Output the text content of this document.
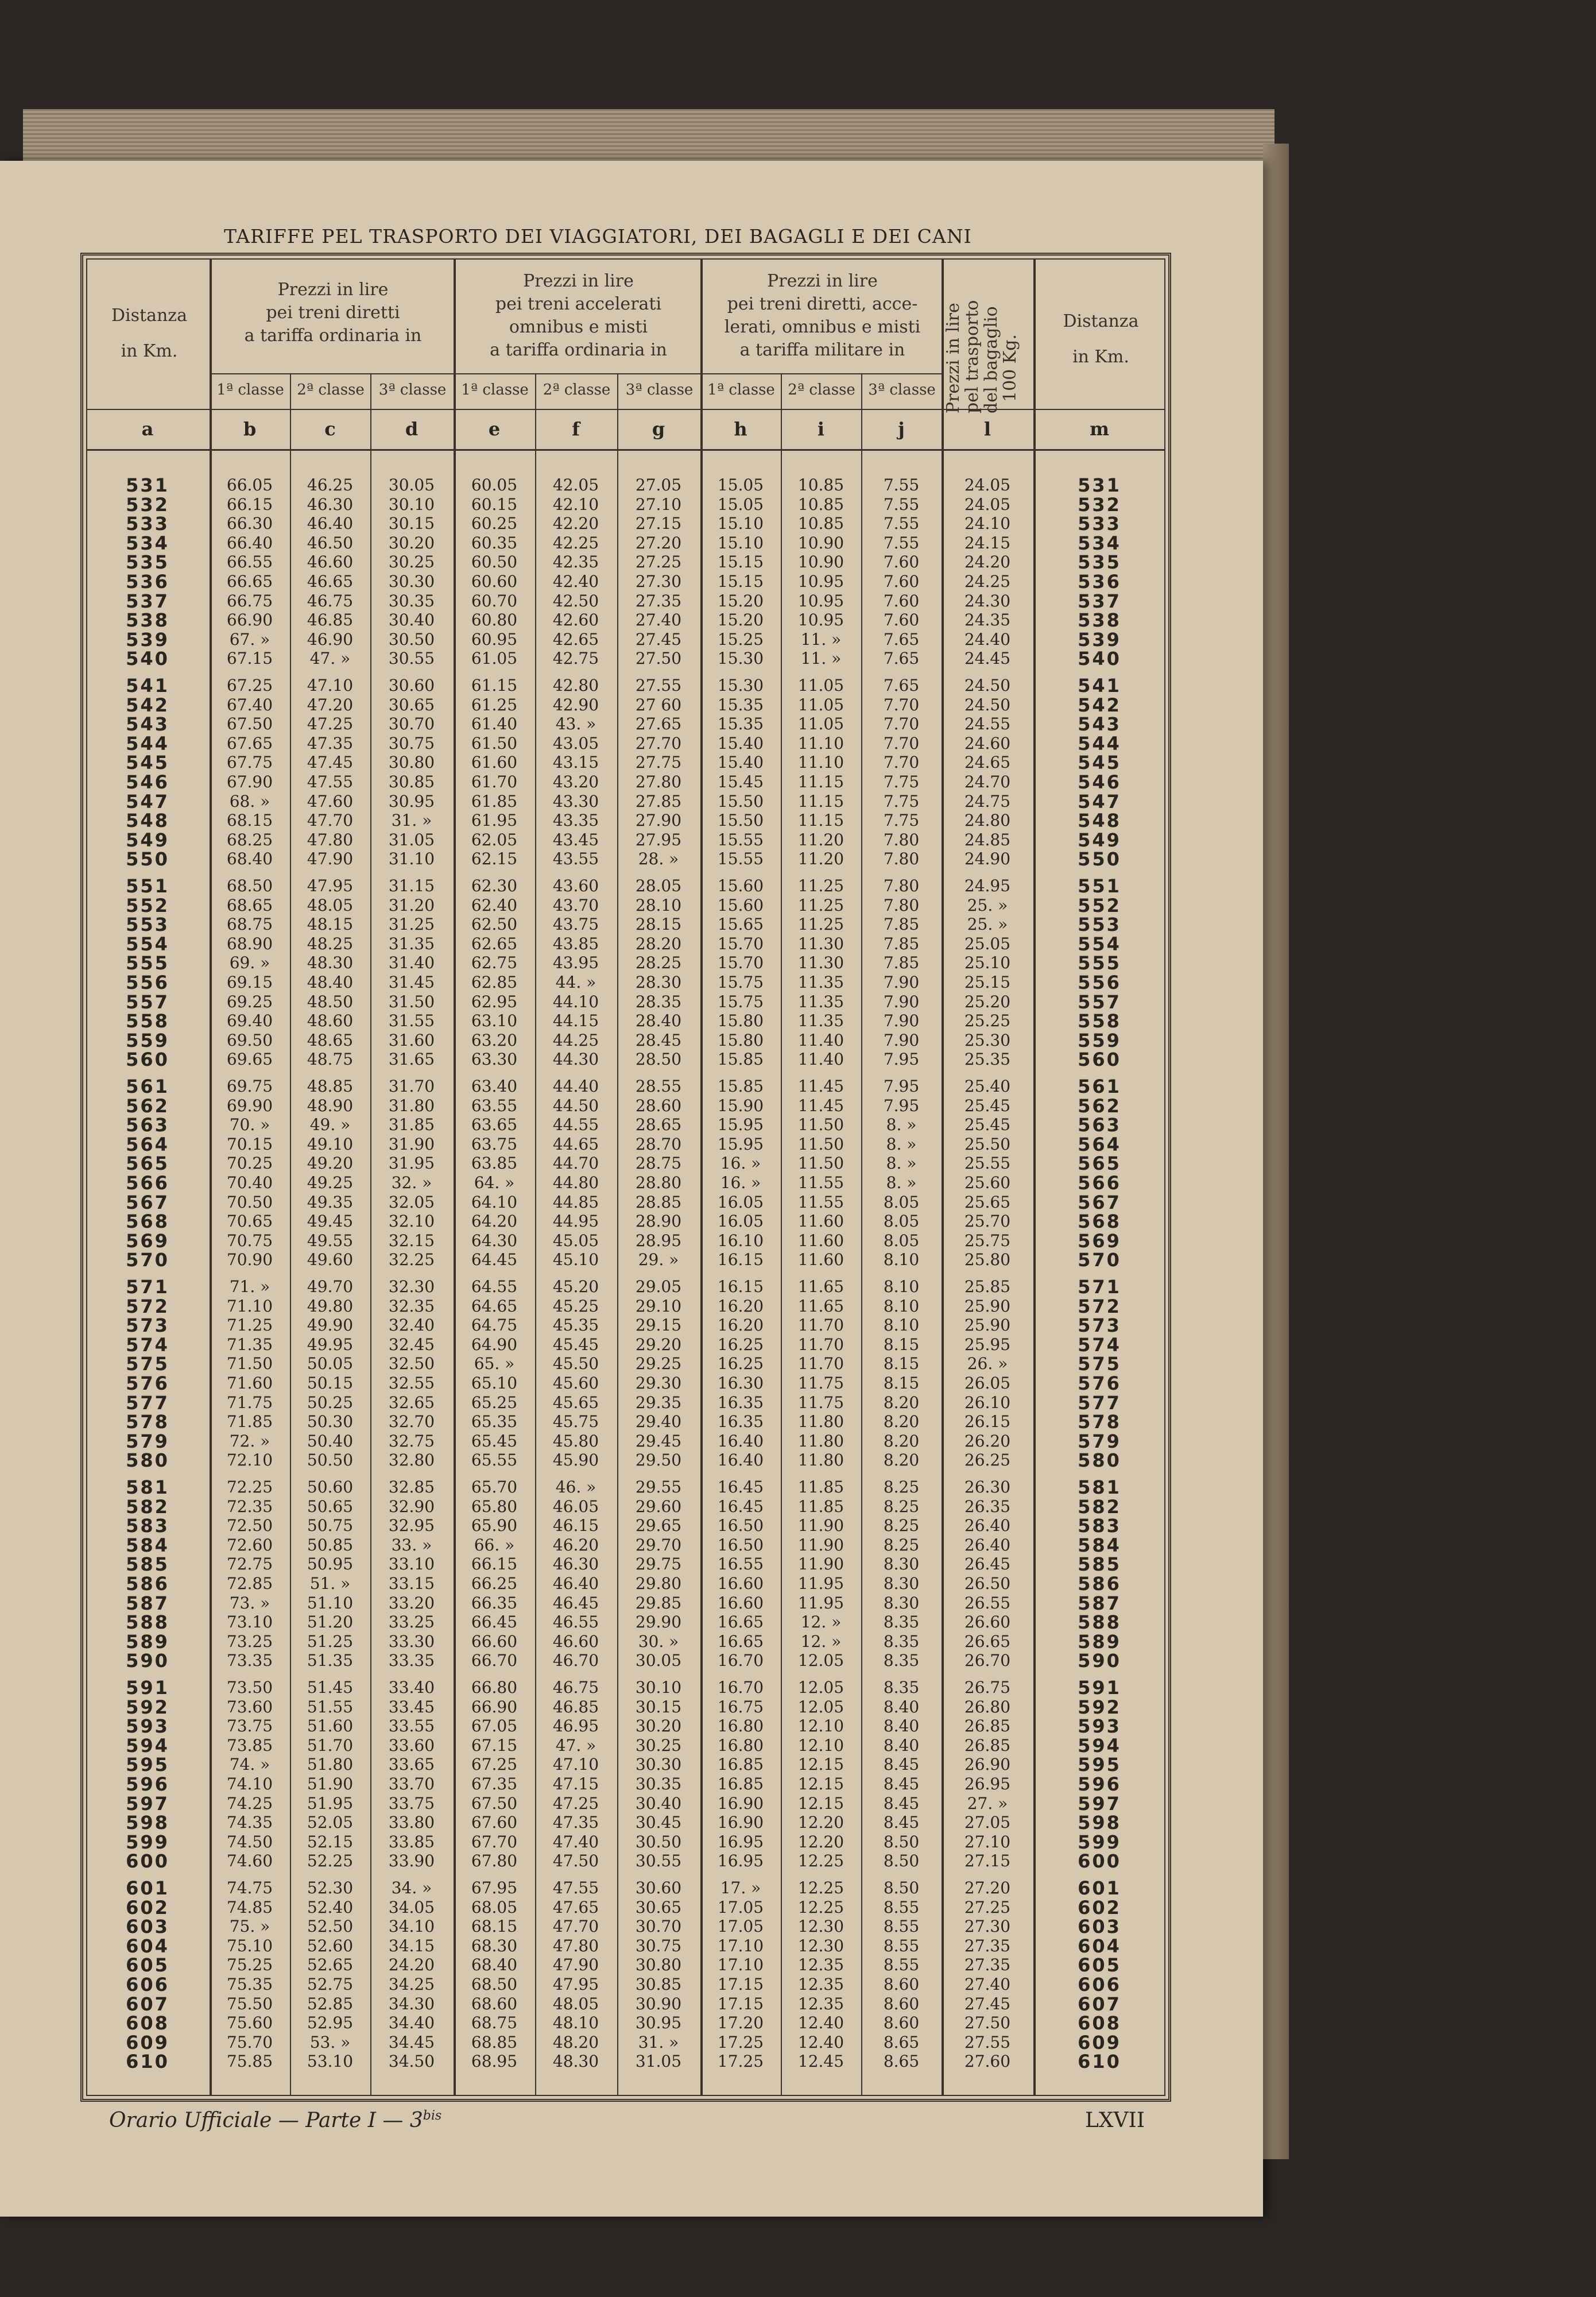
TARIFFE PEL TRASPORTO DEI VIAGGIATORI, DEI BAGAGLI E DEI CANI
Distanza
in Km.
Prezzi in lire
pei treni diretti
a tariffa ordinaria in
Prezzi in lire
pei treni accelerati
omnibus e misti
a tariffa ordinaria in
Prezzi in lire
pei treni diretti, acce-
lerati, omnibus e misti
a tariffa militare in	Prezzi in lire
pel trasporto
del bagaglio
100 Kg.
Distanza
in Km.
1ª classe 2ª classe 3ª classe 1ª classe 2ª classe	3ª classe 1ª classe 2ª classe 3ª classe
a	b	c	d	e	f	g	h	i	j	l	m
531	66.05	46.25	30.05	60.05	42.05	27.05	15.05	10.85	7.55	24.05	531
532	66.15	46.30	30.10	60.15	42.10	27.10	15.05	10.85	7.55	24.05	532
533	66.30	46.40	30.15	60.25	42.20	27.15	15.10	10.85	7.55	24.10	533
534	66.40	46.50	30.20	60.35	42.25	27.20	15.10	10.90	7.55	24.15	534
535	66.55	46.60	30.25	60.50	42.35	27.25	15.15	10.90	7.60	24.20	535
536	66.65	46.65	30.30	60.60	42.40	27.30	15.15	10.95	7.60	24.25	536
537	66.75	46.75	30.35	60.70	42.50	27.35	15.20	10.95	7.60	24.30	537
538	66.90	46.85	30.40	60.80	42.60	27.40	15.20	10.95	7.60	24.35	538
539	67. »	46.90	30.50	60.95	42.65	27.45	15.25	11. »	7.65	24.40	539
540	67.15	47. »	30.55	61.05	42.75	27.50	15.30	11. »	7.65	24.45	540
541	67.25	47.10	30.60	61.15	42.80	27.55	15.30	11.05	7.65	24.50	541
542	67.40	47.20	30.65	61.25	42.90	27 60	15.35	11.05	7.70	24.50	542
543	67.50	47.25	30.70	61.40	43. »	27.65	15.35	11.05	7.70	24.55	543
544	67.65	47.35	30.75	61.50	43.05	27.70	15.40	11.10	7.70	24.60	544
545	67.75	47.45	30.80	61.60	43.15	27.75	15.40	11.10	7.70	24.65	545
546	67.90	47.55	30.85	61.70	43.20	27.80	15.45	11.15	7.75	24.70	546
547	68. »	47.60	30.95	61.85	43.30	27.85	15.50	11.15	7.75	24.75	547
548	68.15	47.70	31. »	61.95	43.35	27.90	15.50	11.15	7.75	24.80	548
549	68.25	47.80	31.05	62.05	43.45	27.95	15.55	11.20	7.80	24.85	549
550	68.40	47.90	31.10	62.15	43.55	28. »	15.55	11.20	7.80	24.90	550
551	68.50	47.95	31.15	62.30	43.60	28.05	15.60	11.25	7.80	24.95	551
552	68.65	48.05	31.20	62.40	43.70	28.10	15.60	11.25	7.80	25. »	552
553	68.75	48.15	31.25	62.50	43.75	28.15	15.65	11.25	7.85	25. »	553
554	68.90	48.25	31.35	62.65	43.85	28.20	15.70	11.30	7.85	25.05	554
555	69. »	48.30	31.40	62.75	43.95	28.25	15.70	11.30	7.85	25.10	555
556	69.15	48.40	31.45	62.85	44. »	28.30	15.75	11.35	7.90	25.15	556
557	69.25	48.50	31.50	62.95	44.10	28.35	15.75	11.35	7.90	25.20	557
558	69.40	48.60	31.55	63.10	44.15	28.40	15.80	11.35	7.90	25.25	558
559	69.50	48.65	31.60	63.20	44.25	28.45	15.80	11.40	7.90	25.30	559
560	69.65	48.75	31.65	63.30	44.30	28.50	15.85	11.40	7.95	25.35	560
561	69.75	48.85	31.70	63.40	44.40	28.55	15.85	11.45	7.95	25.40	561
562	69.90	48.90	31.80	63.55	44.50	28.60	15.90	11.45	7.95	25.45	562
563	70. »	49. »	31.85	63.65	44.55	28.65	15.95	11.50	8. »	25.45	563
564	70.15	49.10	31.90	63.75	44.65	28.70	15.95	11.50	8. »	25.50	564
565	70.25	49.20	31.95	63.85	44.70	28.75	16. »	11.50	8. »	25.55	565
566	70.40	49.25	32. »	64. »	44.80	28.80	16. »	11.55	8. »	25.60	566
567	70.50	49.35	32.05	64.10	44.85	28.85	16.05	11.55	8.05	25.65	567
568	70.65	49.45	32.10	64.20	44.95	28.90	16.05	11.60	8.05	25.70	568
569	70.75	49.55	32.15	64.30	45.05	28.95	16.10	11.60	8.05	25.75	569
570	70.90	49.60	32.25	64.45	45.10	29. »	16.15	11.60	8.10	25.80	570
571	71. »	49.70	32.30	64.55	45.20	29.05	16.15	11.65	8.10	25.85	571
572	71.10	49.80	32.35	64.65	45.25	29.10	16.20	11.65	8.10	25.90	572
573	71.25	49.90	32.40	64.75	45.35	29.15	16.20	11.70	8.10	25.90	573
574	71.35	49.95	32.45	64.90	45.45	29.20	16.25	11.70	8.15	25.95	574
575	71.50	50.05	32.50	65. »	45.50	29.25	16.25	11.70	8.15	26. »	575
576	71.60	50.15	32.55	65.10	45.60	29.30	16.30	11.75	8.15	26.05	576
577	71.75	50.25	32.65	65.25	45.65	29.35	16.35	11.75	8.20	26.10	577
578	71.85	50.30	32.70	65.35	45.75	29.40	16.35	11.80	8.20	26.15	578
579	72. »	50.40	32.75	65.45	45.80	29.45	16.40	11.80	8.20	26.20	579
580	72.10	50.50	32.80	65.55	45.90	29.50	16.40	11.80	8.20	26.25	580
581	72.25	50.60	32.85	65.70	46. »	29.55	16.45	11.85	8.25	26.30	581
582	72.35	50.65	32.90	65.80	46.05	29.60	16.45	11.85	8.25	26.35	582
583	72.50	50.75	32.95	65.90	46.15	29.65	16.50	11.90	8.25	26.40	583
584	72.60	50.85	33. »	66. »	46.20	29.70	16.50	11.90	8.25	26.40	584
585	72.75	50.95	33.10	66.15	46.30	29.75	16.55	11.90	8.30	26.45	585
586	72.85	51. »	33.15	66.25	46.40	29.80	16.60	11.95	8.30	26.50	586
587	73. »	51.10	33.20	66.35	46.45	29.85	16.60	11.95	8.30	26.55	587
588	73.10	51.20	33.25	66.45	46.55	29.90	16.65	12. »	8.35	26.60	588
589	73.25	51.25	33.30	66.60	46.60	30. »	16.65	12. »	8.35	26.65	589
590	73.35	51.35	33.35	66.70	46.70	30.05	16.70	12.05	8.35	26.70	590
591	73.50	51.45	33.40	66.80	46.75	30.10	16.70	12.05	8.35	26.75	591
592	73.60	51.55	33.45	66.90	46.85	30.15	16.75	12.05	8.40	26.80	592
593	73.75	51.60	33.55	67.05	46.95	30.20	16.80	12.10	8.40	26.85	593
594	73.85	51.70	33.60	67.15	47. »	30.25	16.80	12.10	8.40	26.85	594
595	74. »	51.80	33.65	67.25	47.10	30.30	16.85	12.15	8.45	26.90	595
596	74.10	51.90	33.70	67.35	47.15	30.35	16.85	12.15	8.45	26.95	596
597	74.25	51.95	33.75	67.50	47.25	30.40	16.90	12.15	8.45	27. »	597
598	74.35	52.05	33.80	67.60	47.35	30.45	16.90	12.20	8.45	27.05	598
599	74.50	52.15	33.85	67.70	47.40	30.50	16.95	12.20	8.50	27.10	599
600	74.60	52.25	33.90	67.80	47.50	30.55	16.95	12.25	8.50	27.15	600
601	74.75	52.30	34. »	67.95	47.55	30.60	17. »	12.25	8.50	27.20	601
602	74.85	52.40	34.05	68.05	47.65	30.65	17.05	12.25	8.55	27.25	602
603	75. »	52.50	34.10	68.15	47.70	30.70	17.05	12.30	8.55	27.30	603
604	75.10	52.60	34.15	68.30	47.80	30.75	17.10	12.30	8.55	27.35	604
605	75.25	52.65	24.20	68.40	47.90	30.80	17.10	12.35	8.55	27.35	605
606	75.35	52.75	34.25	68.50	47.95	30.85	17.15	12.35	8.60	27.40	606
607	75.50	52.85	34.30	68.60	48.05	30.90	17.15	12.35	8.60	27.45	607
608	75.60	52.95	34.40	68.75	48.10	30.95	17.20	12.40	8.60	27.50	608
609	75.70	53. »	34.45	68.85	48.20	31. »	17.25	12.40	8.65	27.55	609
610	75.85	53.10	34.50	68.95	48.30	31.05	17.25	12.45	8.65	27.60	610
Orario Ufficiale — Parte I — $3^{bis}$	LXVII
